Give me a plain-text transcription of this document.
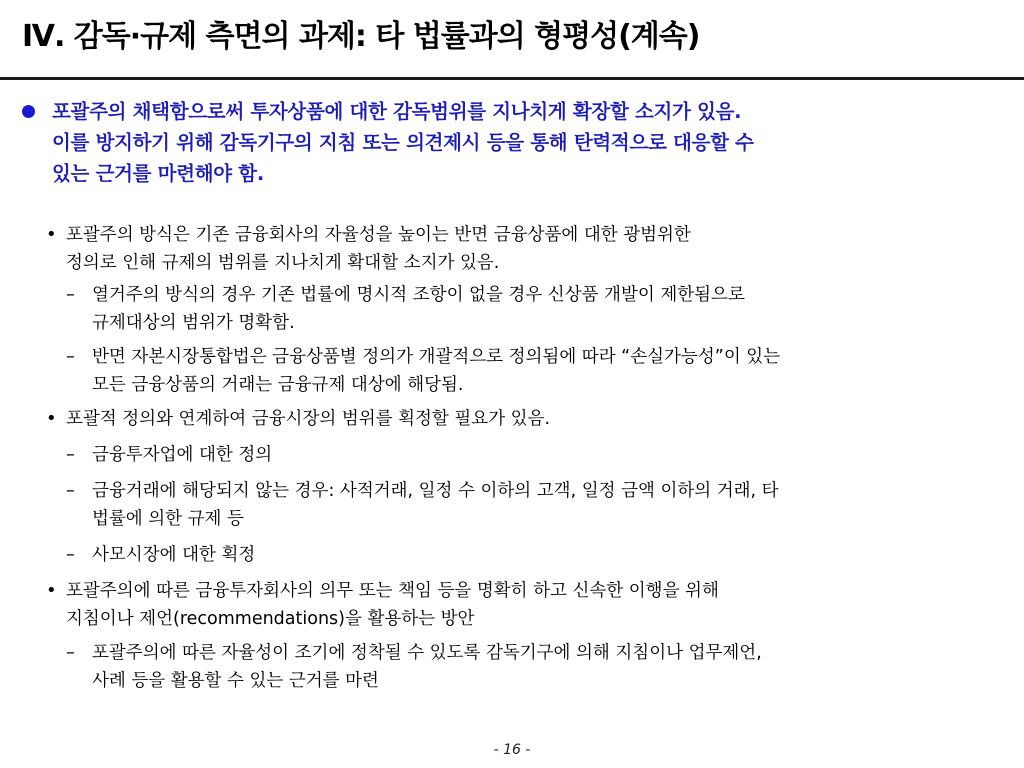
Ⅳ. 감독·규제 측면의 과제: 타 법률과의 형평성(계속)
포괄주의 채택함으로써 투자상품에 대한 감독범위를 지나치게 확장할 소지가 있음.
이를 방지하기 위해 감독기구의 지침 또는 의견제시 등을 통해 탄력적으로 대응할 수
있는 근거를 마련해야 함.
• 포괄주의 방식은 기존 금융회사의 자율성을 높이는 반면 금융상품에 대한 광범위한
정의로 인해 규제의 범위를 지나치게 확대할 소지가 있음.
– 열거주의 방식의 경우 기존 법률에 명시적 조항이 없을 경우 신상품 개발이 제한됨으로
규제대상의 범위가 명확함.
– 반면 자본시장통합법은 금융상품별 정의가 개괄적으로 정의됨에 따라 “손실가능성”이 있는
모든 금융상품의 거래는 금융규제 대상에 해당됨.
• 포괄적 정의와 연계하여 금융시장의 범위를 획정할 필요가 있음.
– 금융투자업에 대한 정의
– 금융거래에 해당되지 않는 경우: 사적거래, 일정 수 이하의 고객, 일정 금액 이하의 거래, 타
법률에 의한 규제 등
– 사모시장에 대한 획정
• 포괄주의에 따른 금융투자회사의 의무 또는 책임 등을 명확히 하고 신속한 이행을 위해
지침이나 제언(recommendations)을 활용하는 방안
– 포괄주의에 따른 자율성이 조기에 정착될 수 있도록 감독기구에 의해 지침이나 업무제언,
사례 등을 활용할 수 있는 근거를 마련
- 16 -
